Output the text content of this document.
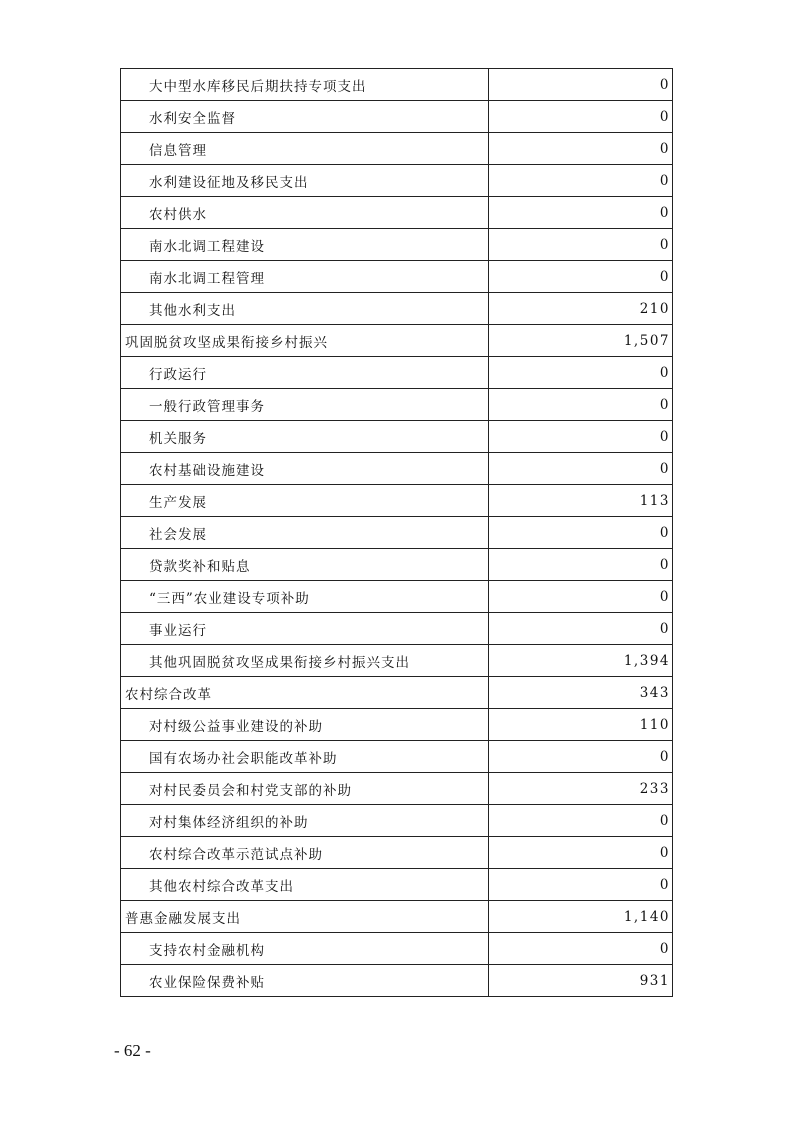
大中型水库移民后期扶持专项支出	0
水利安全监督	0
信息管理	0
水利建设征地及移民支出	0
农村供水	0
南水北调工程建设	0
南水北调工程管理	0
其他水利支出	210
巩固脱贫攻坚成果衔接乡村振兴	1,507
行政运行	0
一般行政管理事务	0
机关服务	0
农村基础设施建设	0
生产发展	113
社会发展	0
贷款奖补和贴息	0
“三西”农业建设专项补助	0
事业运行	0
其他巩固脱贫攻坚成果衔接乡村振兴支出	1,394
农村综合改革	343
对村级公益事业建设的补助	110
国有农场办社会职能改革补助	0
对村民委员会和村党支部的补助	233
对村集体经济组织的补助	0
农村综合改革示范试点补助	0
其他农村综合改革支出	0
普惠金融发展支出	1,140
支持农村金融机构	0
农业保险保费补贴	931
- 62 -
